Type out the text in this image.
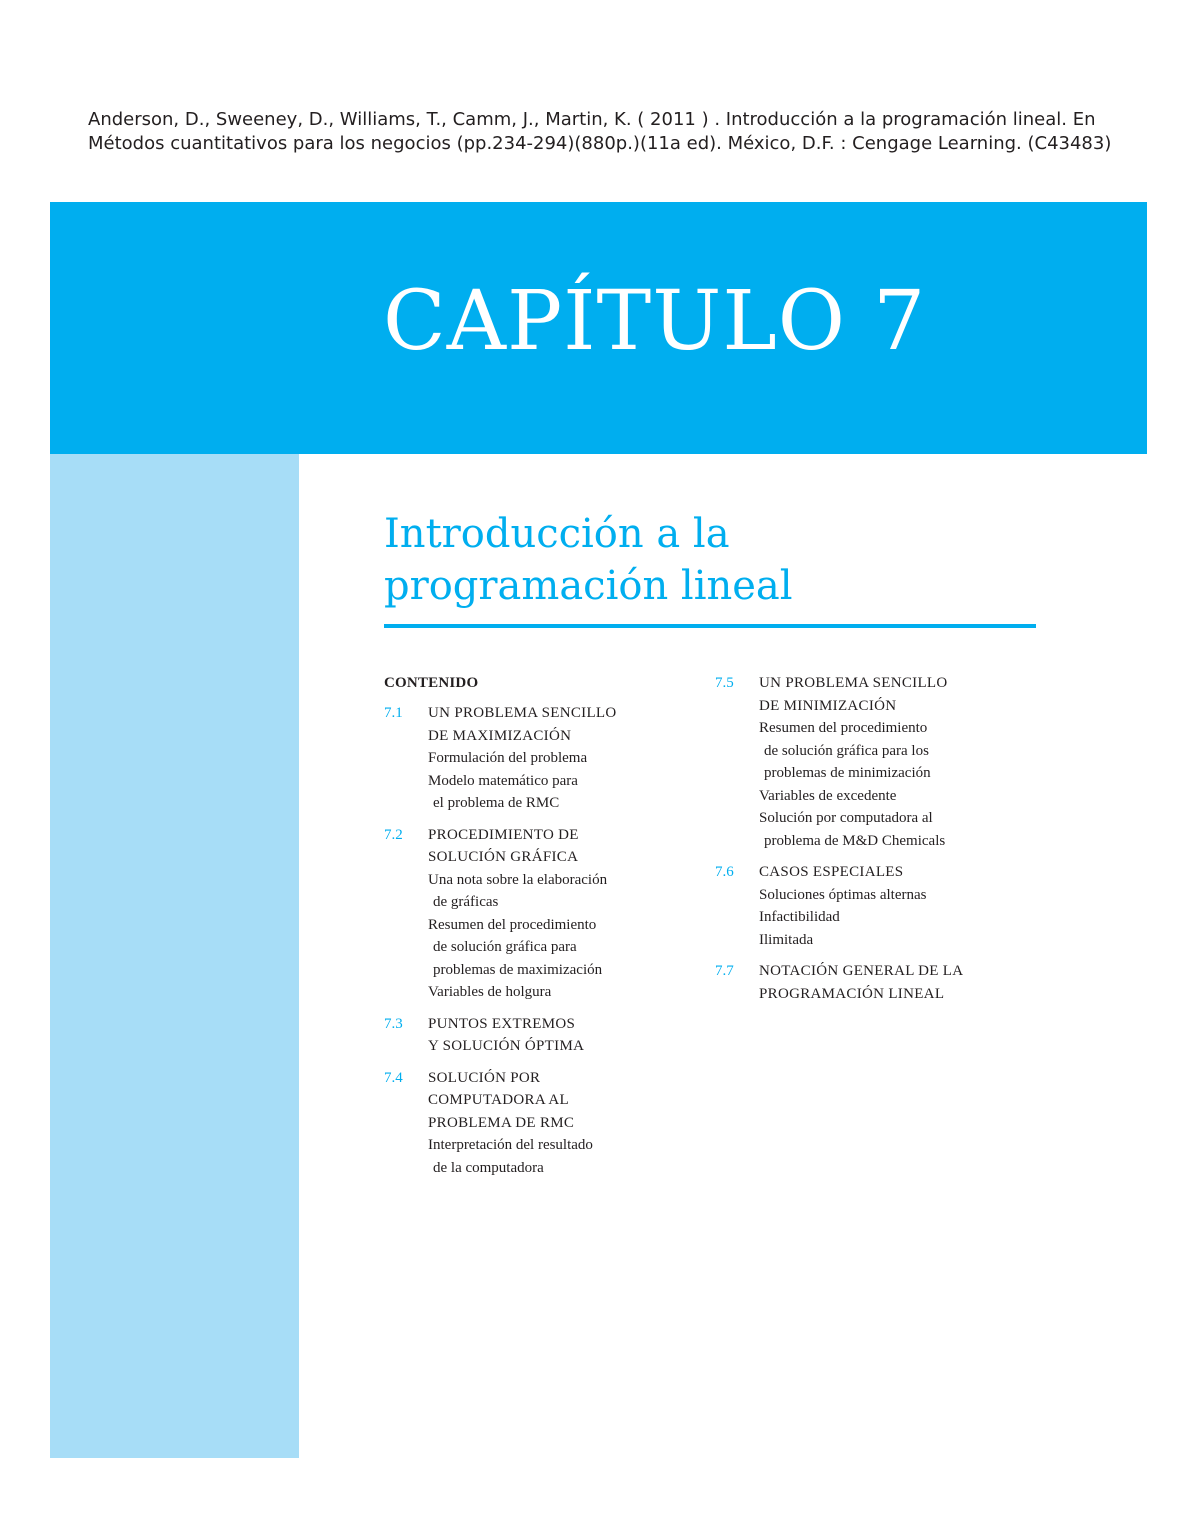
Anderson, D., Sweeney, D., Williams, T., Camm, J., Martin, K. ( 2011 ) . Introducción a la programación lineal. En
Métodos cuantitativos para los negocios (pp.234-294)(880p.)(11a ed). México, D.F. : Cengage Learning. (C43483)

CAPÍTULO 7
Introducción a la
programación lineal
CONTENIDO
7.1 UN PROBLEMA SENCILLO
DE MAXIMIZACIÓN
Formulación del problema
Modelo matemático para
el problema de RMC
7.2 PROCEDIMIENTO DE
SOLUCIÓN GRÁFICA
Una nota sobre la elaboración
de gráficas
Resumen del procedimiento
de solución gráfica para
problemas de maximización
Variables de holgura
7.3 PUNTOS EXTREMOS
Y SOLUCIÓN ÓPTIMA
7.4 SOLUCIÓN POR
COMPUTADORA AL
PROBLEMA DE RMC
Interpretación del resultado
de la computadora
7.5 UN PROBLEMA SENCILLO
DE MINIMIZACIÓN
Resumen del procedimiento
de solución gráfica para los
problemas de minimización
Variables de excedente
Solución por computadora al
problema de M&D Chemicals
7.6 CASOS ESPECIALES
Soluciones óptimas alternas
Infactibilidad
Ilimitada
7.7 NOTACIÓN GENERAL DE LA
PROGRAMACIÓN LINEAL
